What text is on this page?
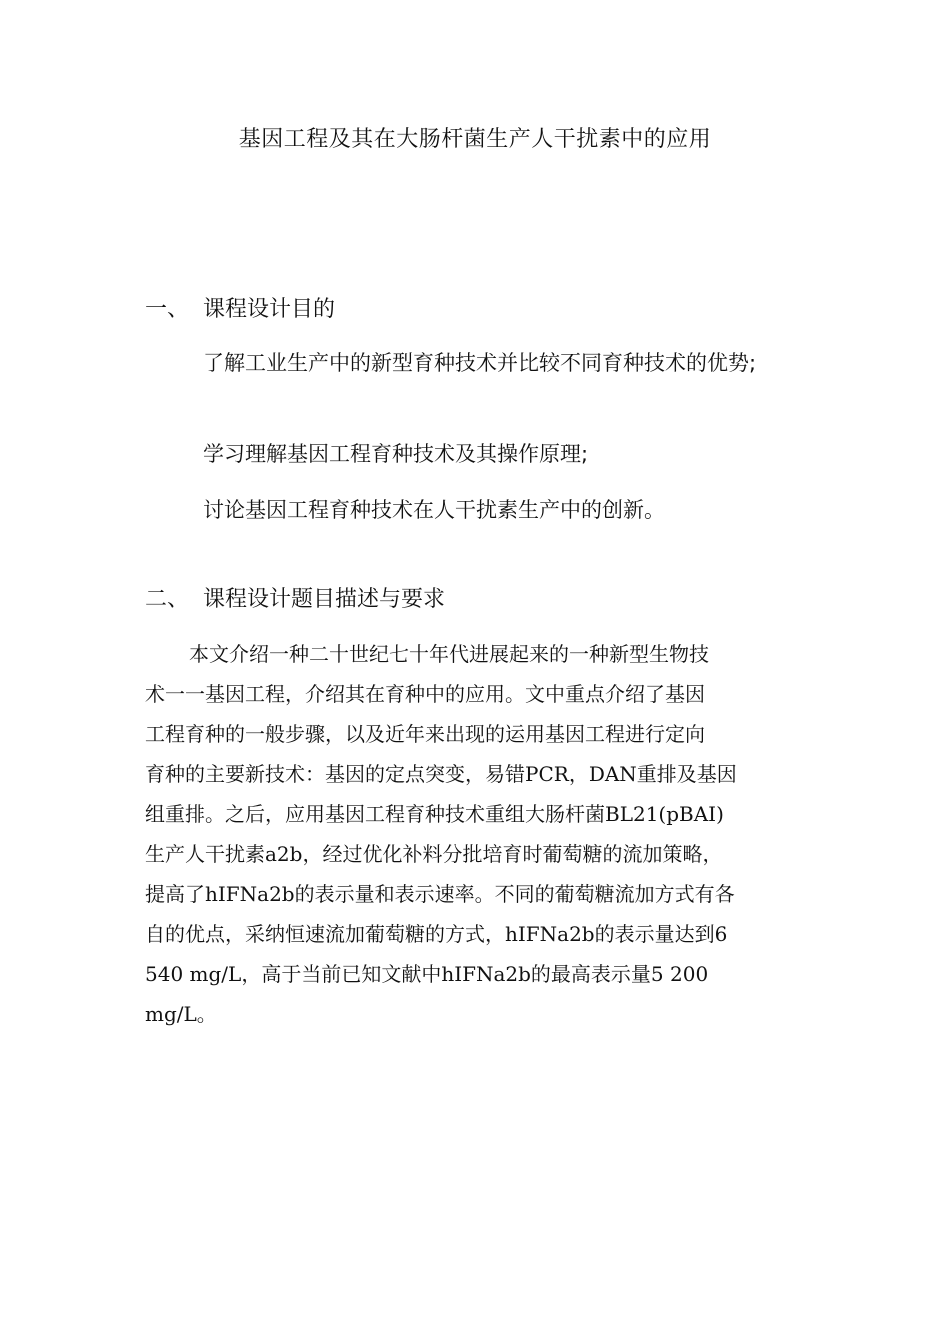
基因工程及其在大肠杆菌生产人干扰素中的应用
一、 课程设计目的
了解工业生产中的新型育种技术并比较不同育种技术的优势;
学习理解基因工程育种技术及其操作原理;
讨论基因工程育种技术在人干扰素生产中的创新。
二、 课程设计题目描述与要求
本文介绍一种二十世纪七十年代进展起来的一种新型生物技
术一一基因工程，介绍其在育种中的应用。文中重点介绍了基因
工程育种的一般步骤，以及近年来出现的运用基因工程进行定向
育种的主要新技术：基因的定点突变，易错PCR，DAN重排及基因
组重排。之后，应用基因工程育种技术重组大肠杆菌BL21(pBAI)
生产人干扰素a2b，经过优化补料分批培育时葡萄糖的流加策略，
提高了hIFNa2b的表示量和表示速率。不同的葡萄糖流加方式有各
自的优点，采纳恒速流加葡萄糖的方式，hIFNa2b的表示量达到6
540 mg/L，高于当前已知文献中hIFNa2b的最高表示量5 200
mg/L。
